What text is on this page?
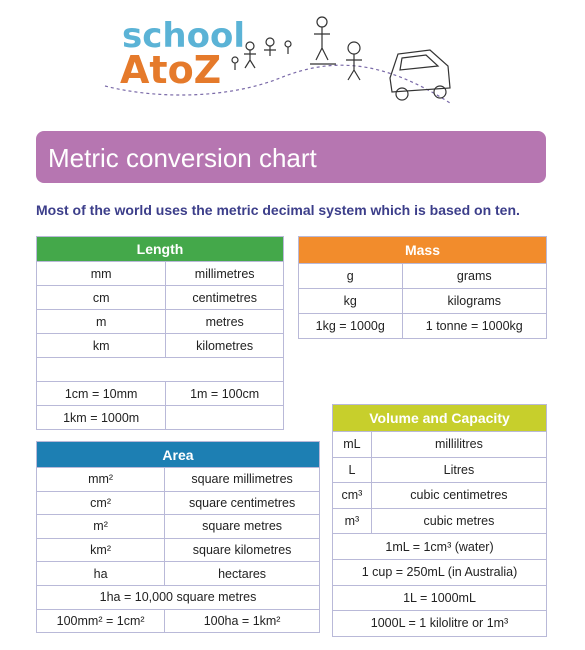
school
AtoZ
Metric conversion chart
Most of the world uses the metric decimal system which is based on ten.
Length	
mm	millimetres
cm	centimetres
m	metres
km	kilometres

1cm = 10mm	1m = 100cm
1km = 1000m	
Mass	
g	grams
kg	kilograms
1kg = 1000g	1 tonne = 1000kg
Volume and Capacity	
mL	millilitres
L	Litres
cm³	cubic centimetres
m³	cubic metres
1mL = 1cm³ (water)	
1 cup = 250mL (in Australia)	
1L = 1000mL	
1000L = 1 kilolitre or 1m³	
Area	
mm²	square millimetres
cm²	square centimetres
m²	square metres
km²	square kilometres
ha	hectares
1ha = 10,000 square metres	
100mm² = 1cm²	100ha = 1km²
